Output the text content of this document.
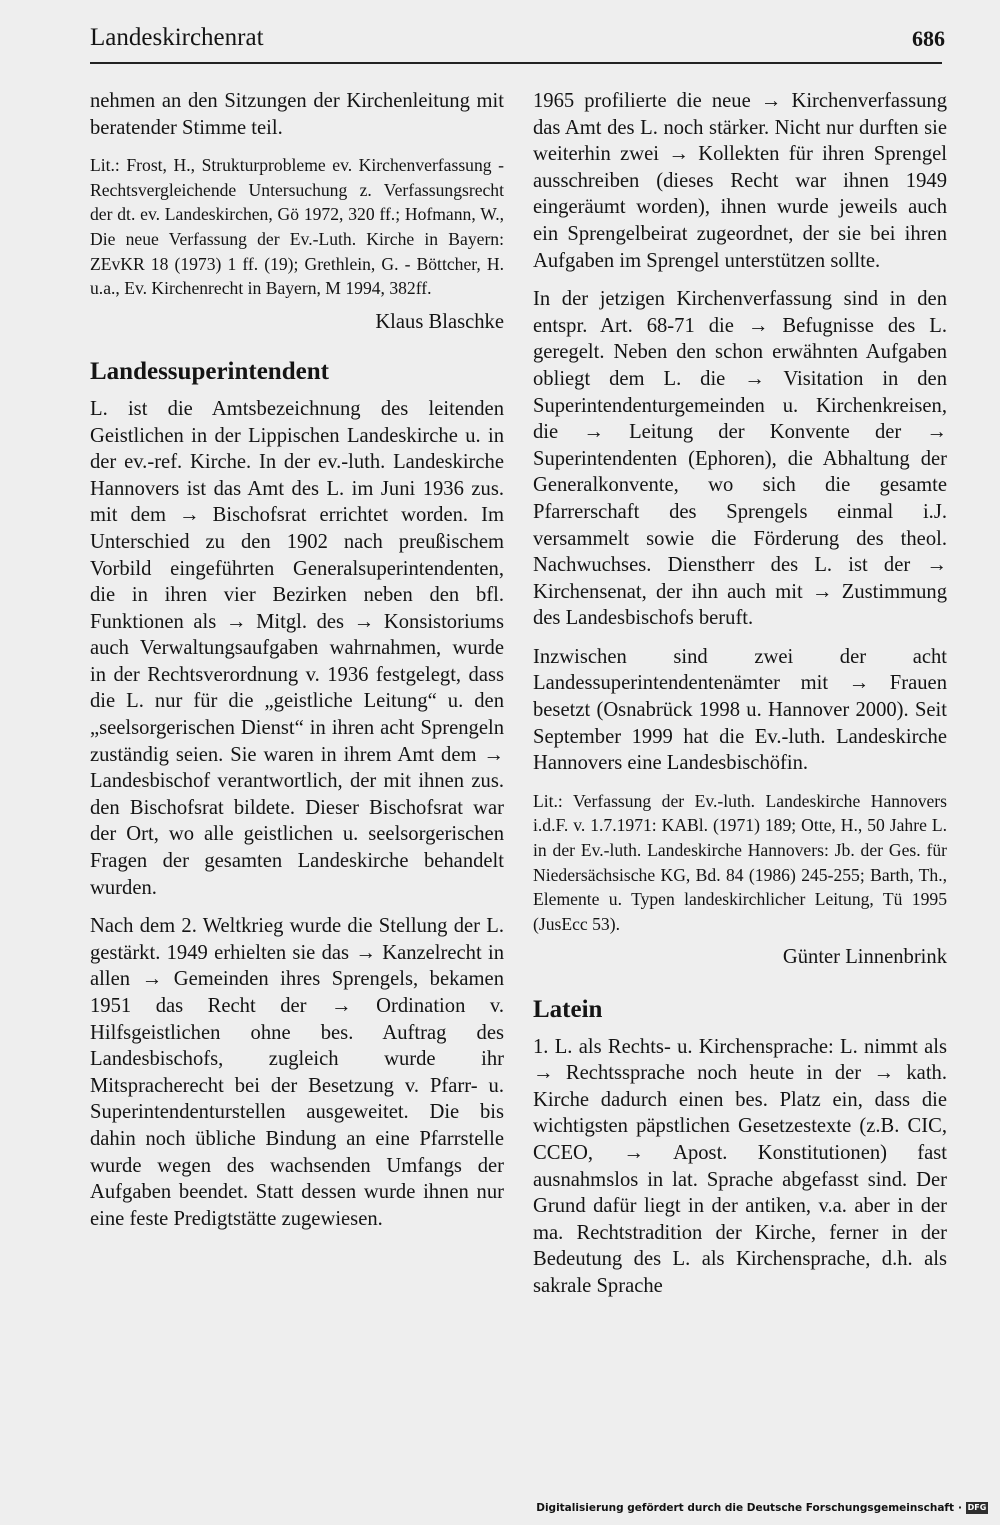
Landeskirchenrat	686

nehmen an den Sitzungen der Kirchenleitung mit beratender Stimme teil.

Lit.: Frost, H., Strukturprobleme ev. Kirchenverfassung - Rechtsvergleichende Untersuchung z. Verfassungsrecht der dt. ev. Landeskirchen, Gö 1972, 320 ff.; Hofmann, W., Die neue Verfassung der Ev.-Luth. Kirche in Bayern: ZEvKR 18 (1973) 1 ff. (19); Grethlein, G. - Böttcher, H. u.a., Ev. Kirchenrecht in Bayern, M 1994, 382ff.

Klaus Blaschke
Landessuperintendent

L. ist die Amtsbezeichnung des leitenden Geistlichen in der Lippischen Landeskirche u. in der ev.-ref. Kirche. In der ev.-luth. Landeskirche Hannovers ist das Amt des L. im Juni 1936 zus. mit dem → Bischofsrat errichtet worden. Im Unterschied zu den 1902 nach preußischem Vorbild eingeführten Generalsuperintendenten, die in ihren vier Bezirken neben den bfl. Funktionen als → Mitgl. des → Konsistoriums auch Verwaltungsaufgaben wahrnahmen, wurde in der Rechtsverordnung v. 1936 festgelegt, dass die L. nur für die „geistliche Leitung“ u. den „seelsorgerischen Dienst“ in ihren acht Sprengeln zuständig seien. Sie waren in ihrem Amt dem → Landesbischof verantwortlich, der mit ihnen zus. den Bischofsrat bildete. Dieser Bischofsrat war der Ort, wo alle geistlichen u. seelsorgerischen Fragen der gesamten Landeskirche behandelt wurden.

Nach dem 2. Weltkrieg wurde die Stellung der L. gestärkt. 1949 erhielten sie das → Kanzelrecht in allen → Gemeinden ihres Sprengels, bekamen 1951 das Recht der → Ordination v. Hilfsgeistlichen ohne bes. Auftrag des Landesbischofs, zugleich wurde ihr Mitspracherecht bei der Besetzung v. Pfarr- u. Superintendenturstellen ausgeweitet. Die bis dahin noch übliche Bindung an eine Pfarrstelle wurde wegen des wachsenden Umfangs der Aufgaben beendet. Statt dessen wurde ihnen nur eine feste Predigtstätte zugewiesen.

1965 profilierte die neue → Kirchenverfassung das Amt des L. noch stärker. Nicht nur durften sie weiterhin zwei → Kollekten für ihren Sprengel ausschreiben (dieses Recht war ihnen 1949 eingeräumt worden), ihnen wurde jeweils auch ein Sprengelbeirat zugeordnet, der sie bei ihren Aufgaben im Sprengel unterstützen sollte.

In der jetzigen Kirchenverfassung sind in den entspr. Art. 68-71 die → Befugnisse des L. geregelt. Neben den schon erwähnten Aufgaben obliegt dem L. die → Visitation in den Superintendenturgemeinden u. Kirchenkreisen, die → Leitung der Konvente der → Superintendenten (Ephoren), die Abhaltung der Generalkonvente, wo sich die gesamte Pfarrerschaft des Sprengels einmal i.J. versammelt sowie die Förderung des theol. Nachwuchses. Dienstherr des L. ist der → Kirchensenat, der ihn auch mit → Zustimmung des Landesbischofs beruft.

Inzwischen sind zwei der acht Landessuperintendentenämter mit → Frauen besetzt (Osnabrück 1998 u. Hannover 2000). Seit September 1999 hat die Ev.-luth. Landeskirche Hannovers eine Landesbischöfin.

Lit.: Verfassung der Ev.-luth. Landeskirche Hannovers i.d.F. v. 1.7.1971: KABl. (1971) 189; Otte, H., 50 Jahre L. in der Ev.-luth. Landeskirche Hannovers: Jb. der Ges. für Niedersächsische KG, Bd. 84 (1986) 245-255; Barth, Th., Elemente u. Typen landeskirchlicher Leitung, Tü 1995 (JusEcc 53).

Günter Linnenbrink
Latein

1. L. als Rechts- u. Kirchensprache: L. nimmt als → Rechtssprache noch heute in der → kath. Kirche dadurch einen bes. Platz ein, dass die wichtigsten päpstlichen Gesetzestexte (z.B. CIC, CCEO, → Apost. Konstitutionen) fast ausnahmslos in lat. Sprache abgefasst sind. Der Grund dafür liegt in der antiken, v.a. aber in der ma. Rechtstradition der Kirche, ferner in der Bedeutung des L. als Kirchensprache, d.h. als sakrale Sprache

Digitalisierung gefördert durch die Deutsche Forschungsgemeinschaft · DFG
